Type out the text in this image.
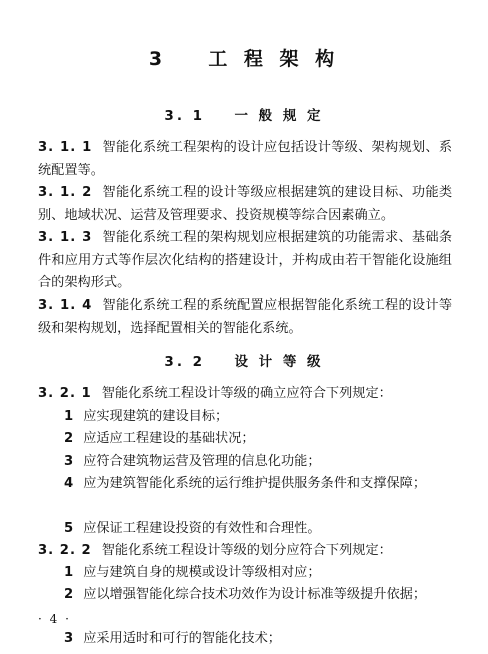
3 工 程 架 构
3. 1 一 般 规 定
3. 1. 1 智能化系统工程架构的设计应包括设计等级、架构规划、系统配置等。
3. 1. 2 智能化系统工程的设计等级应根据建筑的建设目标、功能类别、地域状况、运营及管理要求、投资规模等综合因素确立。
3. 1. 3 智能化系统工程的架构规划应根据建筑的功能需求、基础条件和应用方式等作层次化结构的搭建设计，并构成由若干智能化设施组合的架构形式。
3. 1. 4 智能化系统工程的系统配置应根据智能化系统工程的设计等级和架构规划，选择配置相关的智能化系统。
3. 2 设 计 等 级
3. 2. 1 智能化系统工程设计等级的确立应符合下列规定：
1 应实现建筑的建设目标；
2 应适应工程建设的基础状况；
3 应符合建筑物运营及管理的信息化功能；
4 应为建筑智能化系统的运行维护提供服务条件和支撑保障；
5 应保证工程建设投资的有效性和合理性。
3. 2. 2 智能化系统工程设计等级的划分应符合下列规定：
1 应与建筑自身的规模或设计等级相对应；
2 应以增强智能化综合技术功效作为设计标准等级提升依据；
3 应采用适时和可行的智能化技术；
· 4 ·
